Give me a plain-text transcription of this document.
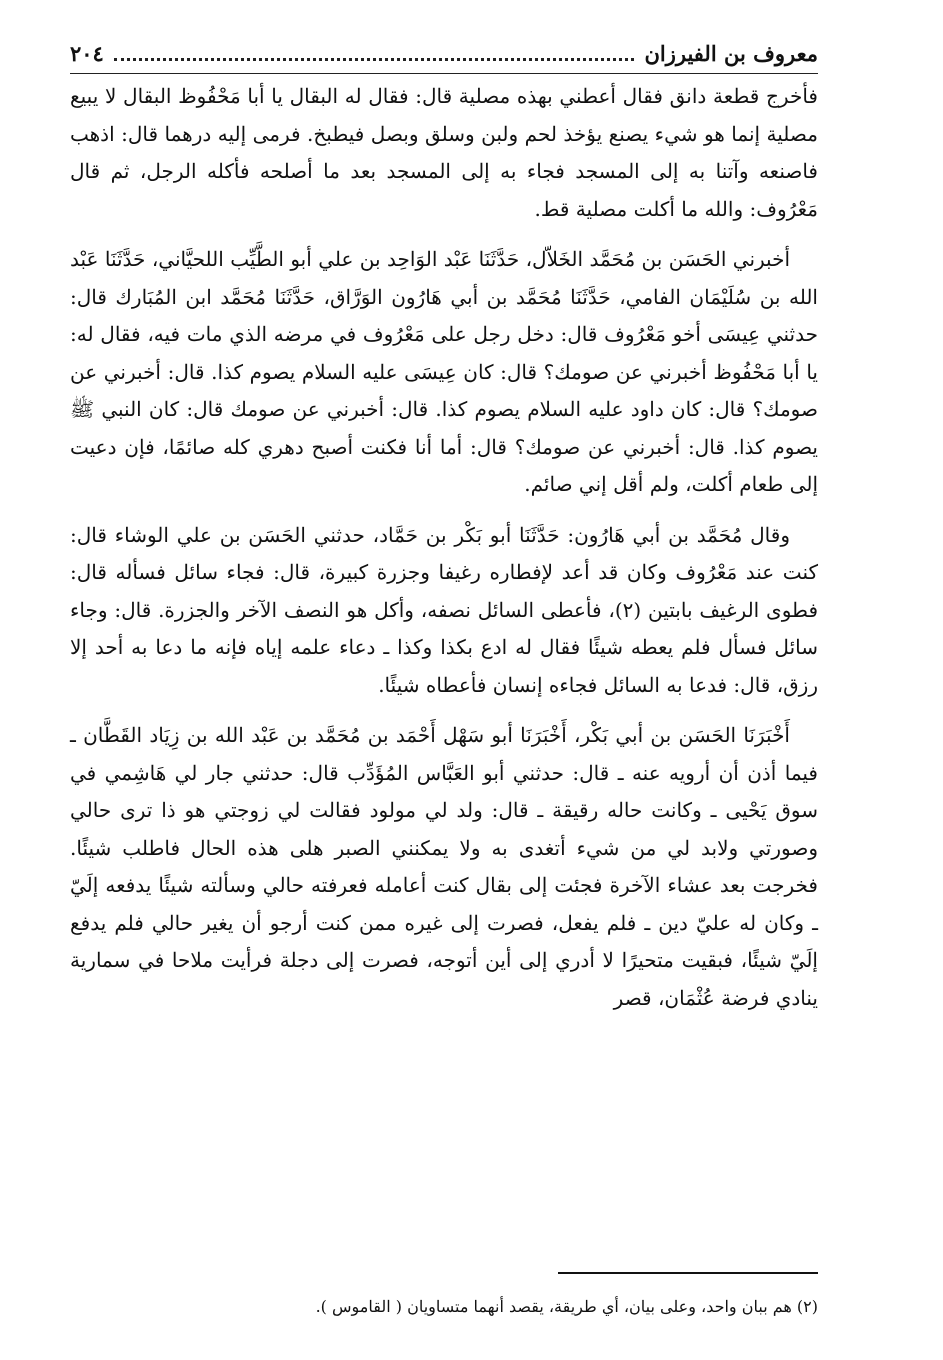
معروف بن الفيرزان
٢٠٤

فأخرج قطعة دانق فقال أعطني بهذه مصلية قال: فقال له البقال يا أبا مَحْفُوظ البقال لا يبيع مصلية إنما هو شيء يصنع يؤخذ لحم ولبن وسلق وبصل فيطبخ. فرمى إليه درهما قال: اذهب فاصنعه وآتنا به إلى المسجد فجاء به إلى المسجد بعد ما أصلحه فأكله الرجل، ثم قال مَعْرُوف: والله ما أكلت مصلية قط.

أخبرني الحَسَن بن مُحَمَّد الخَلاّل، حَدَّثَنَا عَبْد الوَاحِد بن علي أبو الطَّيِّب اللحيَّاني، حَدَّثَنَا عَبْد الله بن سُلَيْمَان الفامي، حَدَّثَنَا مُحَمَّد بن أبي هَارُون الوَرَّاق، حَدَّثَنَا مُحَمَّد ابن المُبَارك قال: حدثني عِيسَى أخو مَعْرُوف قال: دخل رجل على مَعْرُوف في مرضه الذي مات فيه، فقال له: يا أبا مَحْفُوظ أخبرني عن صومك؟ قال: كان عِيسَى عليه السلام يصوم كذا. قال: أخبرني عن صومك؟ قال: كان داود عليه السلام يصوم كذا. قال: أخبرني عن صومك قال: كان النبي ﷺ يصوم كذا. قال: أخبرني عن صومك؟ قال: أما أنا فكنت أصبح دهري كله صائمًا، فإن دعيت إلى طعام أكلت، ولم أقل إني صائم.

وقال مُحَمَّد بن أبي هَارُون: حَدَّثَنَا أبو بَكْر بن حَمَّاد، حدثني الحَسَن بن علي الوشاء قال: كنت عند مَعْرُوف وكان قد أعد لإفطاره رغيفا وجزرة كبيرة، قال: فجاء سائل فسأله قال: فطوى الرغيف بابتين (٢)، فأعطى السائل نصفه، وأكل هو النصف الآخر والجزرة. قال: وجاء سائل فسأل فلم يعطه شيئًا فقال له ادع بكذا وكذا ـ دعاء علمه إياه فإنه ما دعا به أحد إلا رزق، قال: فدعا به السائل فجاءه إنسان فأعطاه شيئًا.

أَخْبَرَنَا الحَسَن بن أبي بَكْر، أَخْبَرَنَا أبو سَهْل أَحْمَد بن مُحَمَّد بن عَبْد الله بن زِيَاد القَطَّان ـ فيما أذن أن أرويه عنه ـ قال: حدثني أبو العَبَّاس المُؤَدِّب قال: حدثني جار لي هَاشِمي في سوق يَحْيى ـ وكانت حاله رقيقة ـ قال: ولد لي مولود فقالت لي زوجتي هو ذا ترى حالي وصورتي ولابد لي من شيء أتغدى به ولا يمكنني الصبر هلى هذه الحال فاطلب شيئًا. فخرجت بعد عشاء الآخرة فجئت إلى بقال كنت أعامله فعرفته حالي وسألته شيئًا يدفعه إلَيّ ـ وكان له عليّ دين ـ فلم يفعل، فصرت إلى غيره ممن كنت أرجو أن يغير حالي فلم يدفع إلَيّ شيئًا، فبقيت متحيرًا لا أدري إلى أين أتوجه، فصرت إلى دجلة فرأيت ملاحا في سمارية ينادي فرضة عُثْمَان، قصر

(٢) هم ببان واحد، وعلى بيان، أي طريقة، يقصد أنهما متساويان ( القاموس ).
